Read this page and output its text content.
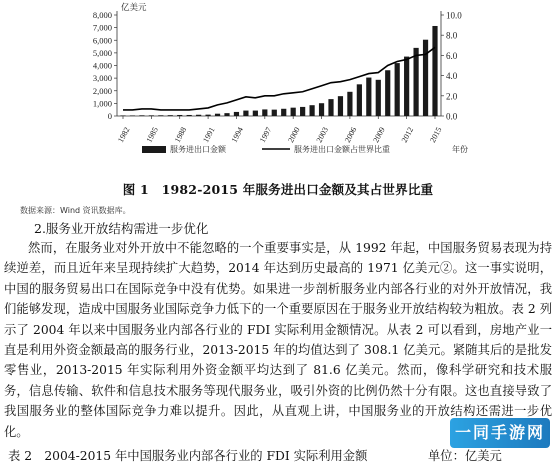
亿美元
0
1,000
2,000
3,000
4,000
5,000
6,000
7,000
8,000
0.0
2.0
4.0
6.0
8.0
10.0
1982 1985 1988 1991 1994 1997 2000 2003 2006 2009 2012 2015
服务进出口金额	服务进出口金额占世界比重	年份
图 1　1982-2015 年服务进出口金额及其占世界比重
数据来源：Wind 资讯数据库。
2.服务业开放结构需进一步优化

然而，在服务业对外开放中不能忽略的一个重要事实是，从 1992 年起，中国服务贸易表现为持续逆差，而且近年来呈现持续扩大趋势，2014 年达到历史最高的 1971 亿美元②。这一事实说明，中国的服务贸易出口在国际竞争中没有优势。如果进一步剖析服务业内部各行业的对外开放情况，我们能够发现，造成中国服务业国际竞争力低下的一个重要原因在于服务业开放结构较为粗放。表 2 列示了 2004 年以来中国服务业内部各行业的 FDI 实际利用金额情况。从表 2 可以看到，房地产业一直是利用外资金额最高的服务行业，2013-2015 年的均值达到了 308.1 亿美元。紧随其后的是批发零售业，2013-2015 年实际利用外资金额平均达到了 81.6 亿美元。然而，像科学研究和技术服务，信息传输、软件和信息技术服务等现代服务业，吸引外资的比例仍然十分有限。这也直接导致了我国服务业的整体国际竞争力难以提升。因此，从直观上讲，中国服务业的开放结构还需进一步优化。

表 2　2004-2015 年中国服务业内部各行业的 FDI 实际利用金额	单位：亿美元
一同手游网
